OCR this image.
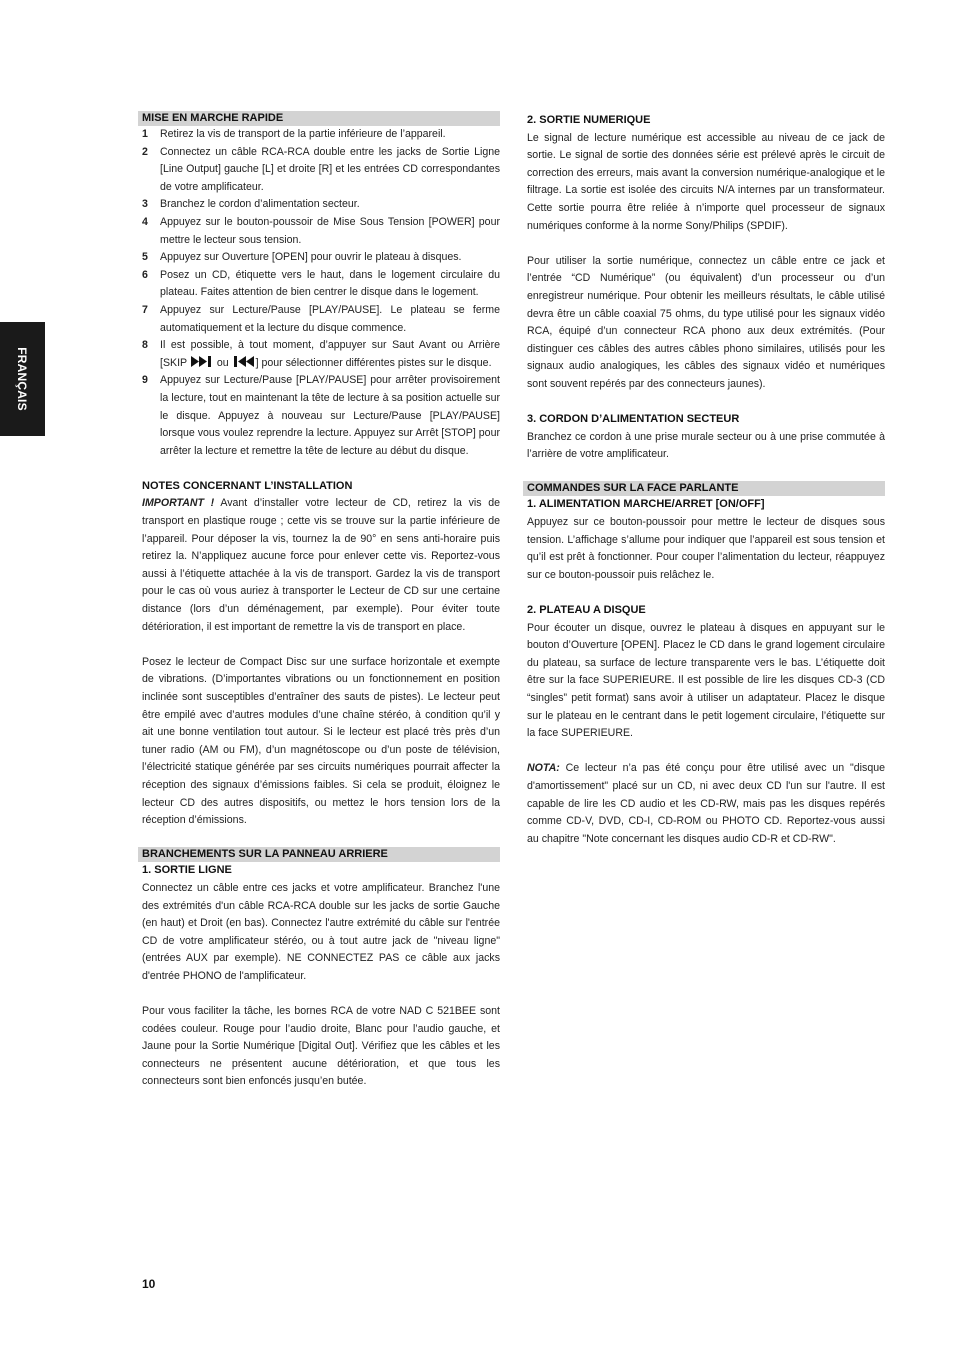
FRANÇAIS
MISE EN MARCHE RAPIDE
1 Retirez la vis de transport de la partie inférieure de l’appareil.
2 Connectez un câble RCA-RCA double entre les jacks de Sortie Ligne [Line Output] gauche [L] et droite [R] et les entrées CD correspondantes de votre amplificateur.
3 Branchez le cordon d’alimentation secteur.
4 Appuyez sur le bouton-poussoir de Mise Sous Tension [POWER] pour mettre le lecteur sous tension.
5 Appuyez sur Ouverture [OPEN] pour ouvrir le plateau à disques.
6 Posez un CD, étiquette vers le haut, dans le logement circulaire du plateau. Faites attention de bien centrer le disque dans le logement.
7 Appuyez sur Lecture/Pause [PLAY/PAUSE]. Le plateau se ferme automatiquement et la lecture du disque commence.
8 Il est possible, à tout moment, d’appuyer sur Saut Avant ou Arrière [SKIP	ou	] pour sélectionner différentes pistes sur le disque.
9 Appuyez sur Lecture/Pause [PLAY/PAUSE] pour arrêter provisoirement la lecture, tout en maintenant la tête de lecture à sa position actuelle sur le disque. Appuyez à nouveau sur Lecture/Pause [PLAY/PAUSE] lorsque vous voulez reprendre la lecture. Appuyez sur Arrêt [STOP] pour arrêter la lecture et remettre la tête de lecture au début du disque.
NOTES CONCERNANT L’INSTALLATION

IMPORTANT ! Avant d’installer votre lecteur de CD, retirez la vis de transport en plastique rouge ; cette vis se trouve sur la partie inférieure de l’appareil. Pour déposer la vis, tournez la de 90° en sens anti-horaire puis retirez la. N’appliquez aucune force pour enlever cette vis. Reportez-vous aussi à l’étiquette attachée à la vis de transport. Gardez la vis de transport pour le cas où vous auriez à transporter le Lecteur de CD sur une certaine distance (lors d’un déménagement, par exemple). Pour éviter toute détérioration, il est important de remettre la vis de transport en place.

Posez le lecteur de Compact Disc sur une surface horizontale et exempte de vibrations. (D’importantes vibrations ou un fonctionnement en position inclinée sont susceptibles d’entraîner des sauts de pistes). Le lecteur peut être empilé avec d’autres modules d’une chaîne stéréo, à condition qu’il y ait une bonne ventilation tout autour. Si le lecteur est placé très près d’un tuner radio (AM ou FM), d’un magnétoscope ou d’un poste de télévision, l’électricité statique générée par ses circuits numériques pourrait affecter la réception des signaux d’émissions faibles. Si cela se produit, éloignez le lecteur CD des autres dispositifs, ou mettez le hors tension lors de la réception d’émissions.

BRANCHEMENTS SUR LA PANNEAU ARRIERE
1. SORTIE LIGNE

Connectez un câble entre ces jacks et votre amplificateur. Branchez l'une des extrémités d'un câble RCA-RCA double sur les jacks de sortie Gauche (en haut) et Droit (en bas). Connectez l'autre extrémité du câble sur l'entrée CD de votre amplificateur stéréo, ou à tout autre jack de "niveau ligne" (entrées AUX par exemple). NE CONNECTEZ PAS ce câble aux jacks d'entrée PHONO de l'amplificateur.

Pour vous faciliter la tâche, les bornes RCA de votre NAD C 521BEE sont codées couleur. Rouge pour l’audio droite, Blanc pour l’audio gauche, et Jaune pour la Sortie Numérique [Digital Out]. Vérifiez que les câbles et les connecteurs ne présentent aucune détérioration, et que tous les connecteurs sont bien enfoncés jusqu’en butée.

2. SORTIE NUMERIQUE

Le signal de lecture numérique est accessible au niveau de ce jack de sortie. Le signal de sortie des données série est prélevé après le circuit de correction des erreurs, mais avant la conversion numérique-analogique et le filtrage. La sortie est isolée des circuits N/A internes par un transformateur. Cette sortie pourra être reliée à n’importe quel processeur de signaux numériques conforme à la norme Sony/Philips (SPDIF).

Pour utiliser la sortie numérique, connectez un câble entre ce jack et l’entrée “CD Numérique” (ou équivalent) d’un processeur ou d’un enregistreur numérique. Pour obtenir les meilleurs résultats, le câble utilisé devra être un câble coaxial 75 ohms, du type utilisé pour les signaux vidéo RCA, équipé d’un connecteur RCA phono aux deux extrémités. (Pour distinguer ces câbles des autres câbles phono similaires, utilisés pour les signaux audio analogiques, les câbles des signaux vidéo et numériques sont souvent repérés par des connecteurs jaunes).

3. CORDON D’ALIMENTATION SECTEUR

Branchez ce cordon à une prise murale secteur ou à une prise commutée à l’arrière de votre amplificateur.

COMMANDES SUR LA FACE PARLANTE
1. ALIMENTATION MARCHE/ARRET [ON/OFF]

Appuyez sur ce bouton-poussoir pour mettre le lecteur de disques sous tension. L’affichage s’allume pour indiquer que l’appareil est sous tension et qu’il est prêt à fonctionner. Pour couper l’alimentation du lecteur, réappuyez sur ce bouton-poussoir puis relâchez le.

2. PLATEAU A DISQUE

Pour écouter un disque, ouvrez le plateau à disques en appuyant sur le bouton d’Ouverture [OPEN]. Placez le CD dans le grand logement circulaire du plateau, sa surface de lecture transparente vers le bas. L’étiquette doit être sur la face SUPERIEURE. Il est possible de lire les disques CD-3 (CD “singles” petit format) sans avoir à utiliser un adaptateur. Placez le disque sur le plateau en le centrant dans le petit logement circulaire, l’étiquette sur la face SUPERIEURE.

NOTA: Ce lecteur n’a pas été conçu pour être utilisé avec un "disque d'amortissement" placé sur un CD, ni avec deux CD l'un sur l'autre. Il est capable de lire les CD audio et les CD-RW, mais pas les disques repérés comme CD-V, DVD, CD-I, CD-ROM ou PHOTO CD. Reportez-vous aussi au chapitre "Note concernant les disques audio CD-R et CD-RW".

10
